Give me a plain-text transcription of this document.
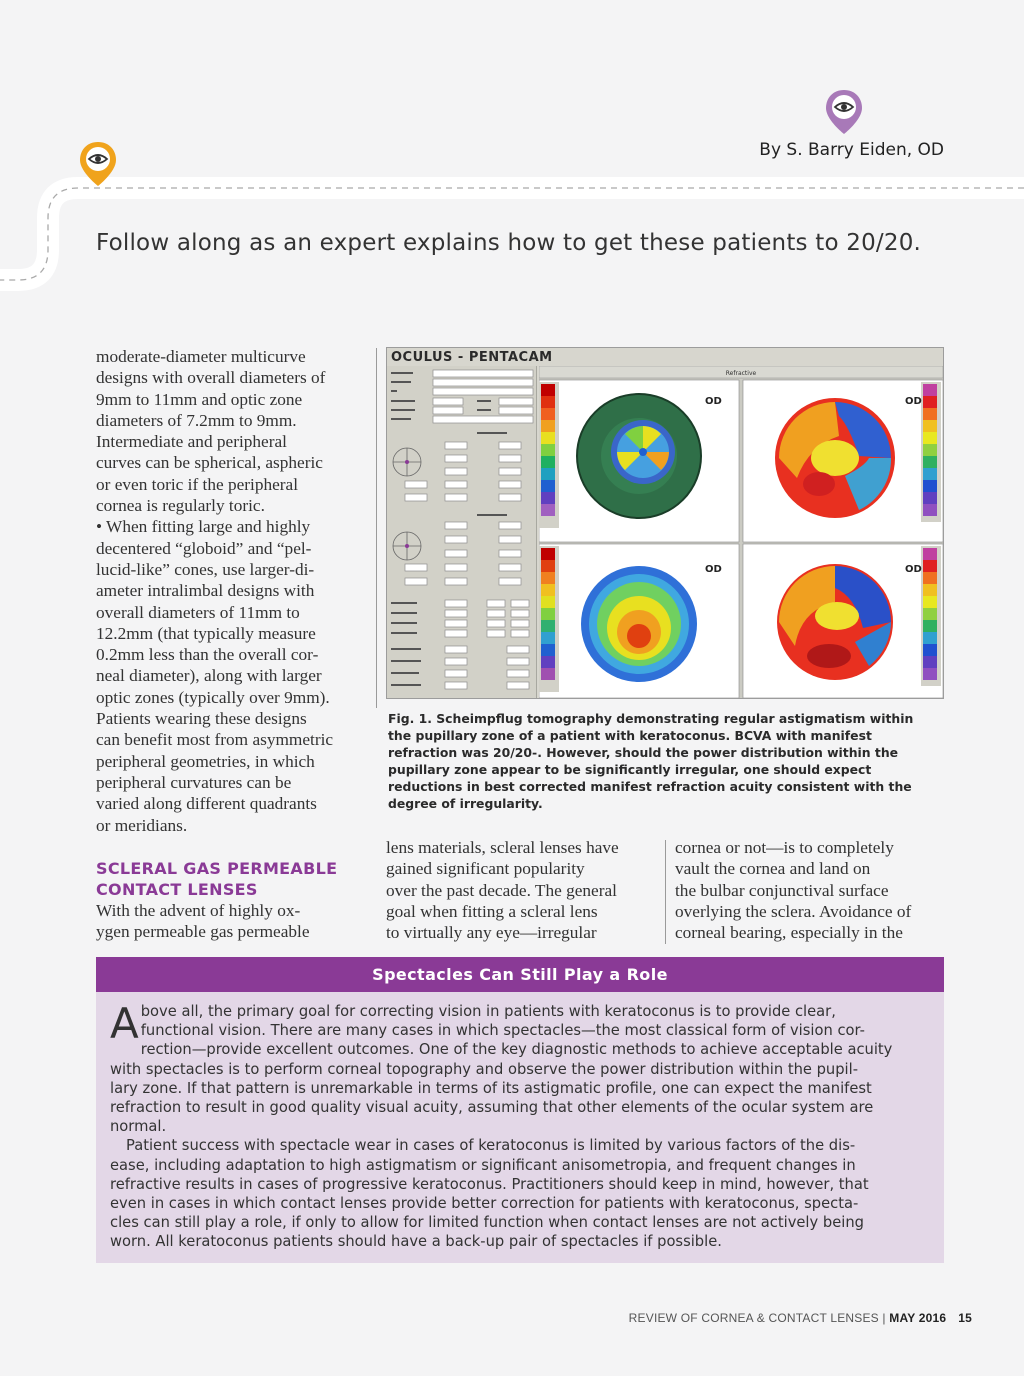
By S. Barry Eiden, OD
Follow along as an expert explains how to get these patients to 20/20.

moderate-diameter multicurve
designs with overall diameters of
9mm to 11mm and optic zone
diameters of 7.2mm to 9mm.
Intermediate and peripheral
curves can be spherical, aspheric
or even toric if the peripheral
cornea is regularly toric.
• When fitting large and highly
decentered “globoid” and “pel-
lucid-like” cones, use larger-di-
ameter intralimbal designs with
overall diameters of 11mm to
12.2mm (that typically measure
0.2mm less than the overall cor-
neal diameter), along with larger
optic zones (typically over 9mm).
Patients wearing these designs
can benefit most from asymmetric
peripheral geometries, in which
peripheral curvatures can be
varied along different quadrants
or meridians.

SCLERAL GAS PERMEABLE
CONTACT LENSES

With the advent of highly ox-
ygen permeable gas permeable

OCULUS - PENTACAM
Refractive
OD	OD
OD	OD
Fig. 1. Scheimpflug tomography demonstrating regular astigmatism within
the pupillary zone of a patient with keratoconus. BCVA with manifest
refraction was 20/20-. However, should the power distribution within the
pupillary zone appear to be significantly irregular, one should expect
reductions in best corrected manifest refraction acuity consistent with the
degree of irregularity.
lens materials, scleral lenses have
gained significant popularity
over the past decade. The general
goal when fitting a scleral lens
to virtually any eye—irregular
cornea or not—is to completely
vault the cornea and land on
the bulbar conjunctival surface
overlying the sclera. Avoidance of
corneal bearing, especially in the
Spectacles Can Still Play a Role
A bove all, the primary goal for correcting vision in patients with keratoconus is to provide clear,
functional vision. There are many cases in which spectacles—the most classical form of vision cor-
rection—provide excellent outcomes. One of the key diagnostic methods to achieve acceptable acuity
with spectacles is to perform corneal topography and observe the power distribution within the pupil-
lary zone. If that pattern is unremarkable in terms of its astigmatic profile, one can expect the manifest
refraction to result in good quality visual acuity, assuming that other elements of the ocular system are
normal.

Patient success with spectacle wear in cases of keratoconus is limited by various factors of the dis-
ease, including adaptation to high astigmatism or significant anisometropia, and frequent changes in
refractive results in cases of progressive keratoconus. Practitioners should keep in mind, however, that
even in cases in which contact lenses provide better correction for patients with keratoconus, specta-
cles can still play a role, if only to allow for limited function when contact lenses are not actively being
worn. All keratoconus patients should have a back-up pair of spectacles if possible.

REVIEW OF CORNEA & CONTACT LENSES | MAY 2016 15
